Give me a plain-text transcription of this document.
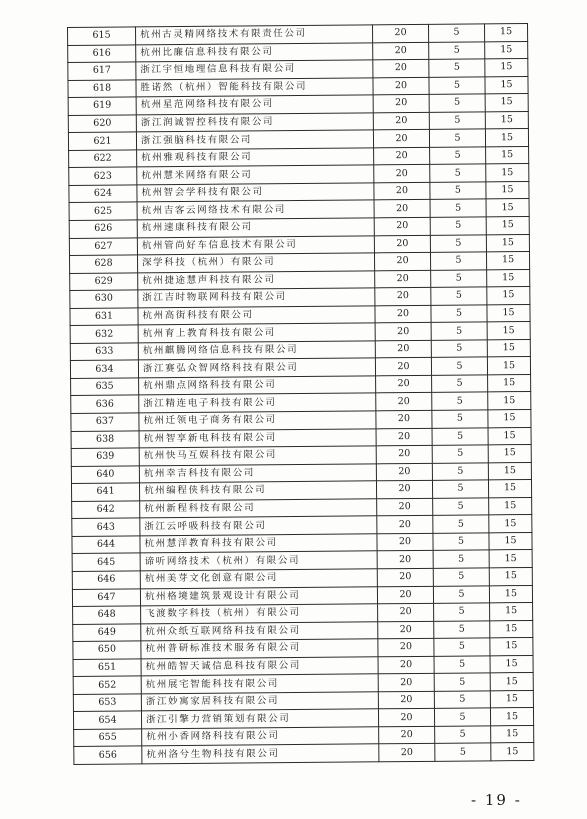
615	杭州古灵精网络技术有限责任公司	20	5	15
616	杭州比廉信息科技有限公司	20	5	15
617	浙江宇恒地理信息科技有限公司	20	5	15
618	胜诺然（杭州）智能科技有限公司	20	5	15
619	杭州星范网络科技有限公司	20	5	15
620	浙江润诚智控科技有限公司	20	5	15
621	浙江强脑科技有限公司	20	5	15
622	杭州雅观科技有限公司	20	5	15
623	杭州慧米网络有限公司	20	5	15
624	杭州智会学科技有限公司	20	5	15
625	杭州吉客云网络技术有限公司	20	5	15
626	杭州速康科技有限公司	20	5	15
627	杭州管尚好车信息技术有限公司	20	5	15
628	深学科技（杭州）有限公司	20	5	15
629	杭州捷途慧声科技有限公司	20	5	15
630	浙江吉时物联网科技有限公司	20	5	15
631	杭州高街科技有限公司	20	5	15
632	杭州育上教育科技有限公司	20	5	15
633	杭州麒腾网络信息科技有限公司	20	5	15
634	浙江赛弘众智网络科技有限公司	20	5	15
635	杭州鼎点网络科技有限公司	20	5	15
636	浙江精连电子科技有限公司	20	5	15
637	杭州迁领电子商务有限公司	20	5	15
638	杭州智享新电科技有限公司	20	5	15
639	杭州快马互娱科技有限公司	20	5	15
640	杭州幸吉科技有限公司	20	5	15
641	杭州编程侠科技有限公司	20	5	15
642	杭州新程科技有限公司	20	5	15
643	浙江云呼吸科技有限公司	20	5	15
644	杭州慧洋教育科技有限公司	20	5	15
645	谛听网络技术（杭州）有限公司	20	5	15
646	杭州美芽文化创意有限公司	20	5	15
647	杭州格境建筑景观设计有限公司	20	5	15
648	飞渡数字科技（杭州）有限公司	20	5	15
649	杭州众纸互联网络科技有限公司	20	5	15
650	杭州普研标准技术服务有限公司	20	5	15
651	杭州皓智天诚信息科技有限公司	20	5	15
652	杭州展宅智能科技有限公司	20	5	15
653	浙江妙寓家居科技有限公司	20	5	15
654	浙江引擎力营销策划有限公司	20	5	15
655	杭州小香网络科技有限公司	20	5	15
656	杭州洛兮生物科技有限公司	20	5	15
- 19 -
